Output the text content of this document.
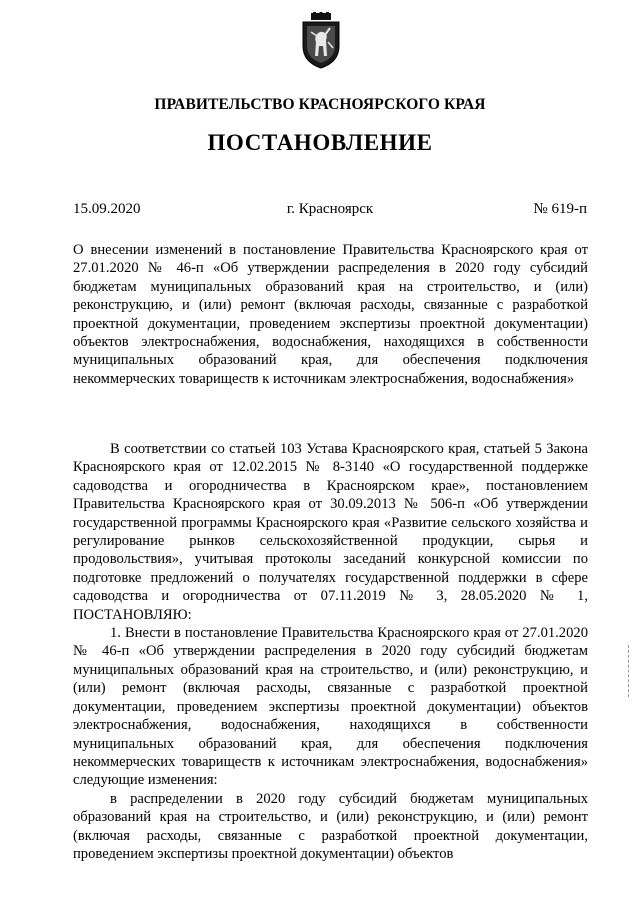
ПРАВИТЕЛЬСТВО КРАСНОЯРСКОГО КРАЯ
ПОСТАНОВЛЕНИЕ
15.09.2020	г. Красноярск	№ 619-п

О внесении изменений в постановление Правительства Красноярского края от 27.01.2020 № 46-п «Об утверждении распределения в 2020 году субсидий бюджетам муниципальных образований края на строительство, и (или) реконструкцию, и (или) ремонт (включая расходы, связанные с разработкой проектной документации, проведением экспертизы проектной документации) объектов электроснабжения, водоснабжения, находящихся в собственности муниципальных образований края, для обеспечения подключения некоммерческих товариществ к источникам электроснабжения, водоснабжения»

В соответствии со статьей 103 Устава Красноярского края, статьей 5 Закона Красноярского края от 12.02.2015 № 8-3140 «О государственной поддержке садоводства и огородничества в Красноярском крае», постановлением Правительства Красноярского края от 30.09.2013 № 506-п «Об утверждении государственной программы Красноярского края «Развитие сельского хозяйства и регулирование рынков сельскохозяйственной продукции, сырья и продовольствия», учитывая протоколы заседаний конкурсной комиссии по подготовке предложений о получателях государственной поддержки в сфере садоводства и огородничества от 07.11.2019 № 3, 28.05.2020 № 1, ПОСТАНОВЛЯЮ:

1. Внести в постановление Правительства Красноярского края от 27.01.2020 № 46-п «Об утверждении распределения в 2020 году субсидий бюджетам муниципальных образований края на строительство, и (или) реконструкцию, и (или) ремонт (включая расходы, связанные с разработкой проектной документации, проведением экспертизы проектной документации) объектов электроснабжения, водоснабжения, находящихся в собственности муниципальных образований края, для обеспечения подключения некоммерческих товариществ к источникам электроснабжения, водоснабжения» следующие изменения:

в распределении в 2020 году субсидий бюджетам муниципальных образований края на строительство, и (или) реконструкцию, и (или) ремонт (включая расходы, связанные с разработкой проектной документации, проведением экспертизы проектной документации) объектов
